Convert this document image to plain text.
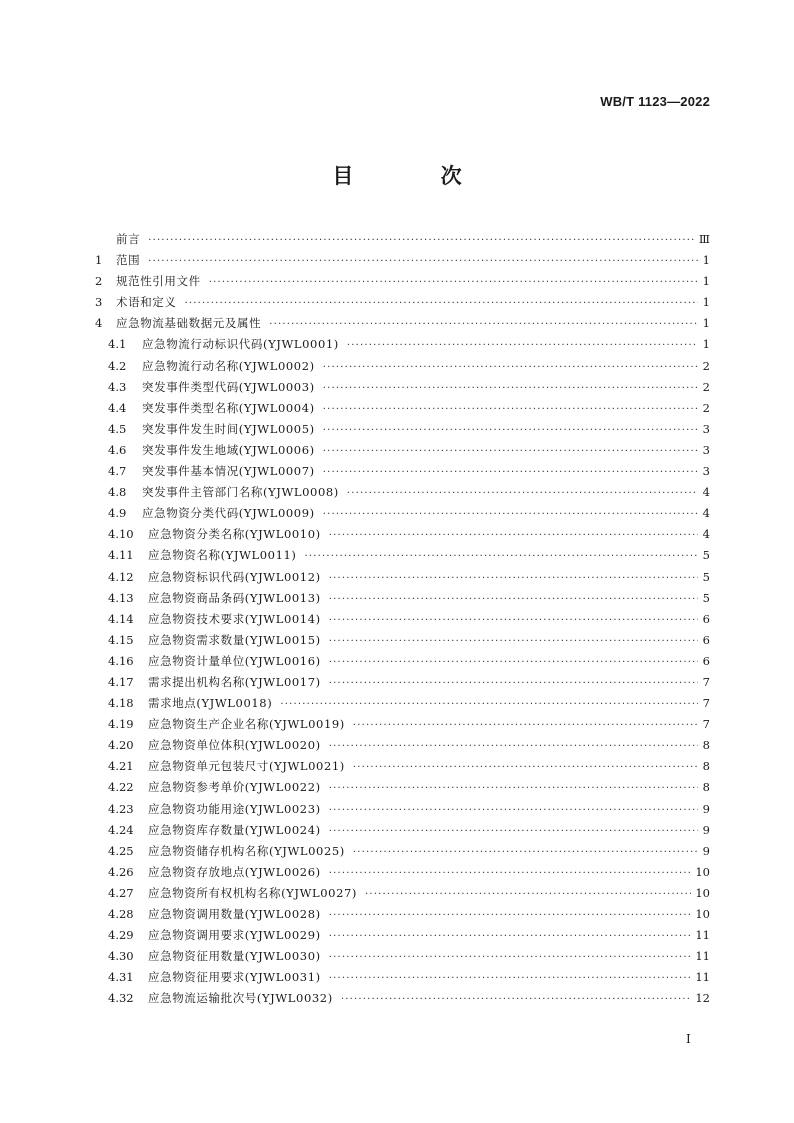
WB/T 1123—2022
目 次
前言 ·····	Ⅲ
1	范围 ·····	1
2	规范性引用文件 ·····	1
3	术语和定义 ·····	1
4	应急物流基础数据元及属性 ·····	1
4.1	应急物流行动标识代码(YJWL0001) ·····	1
4.2	应急物流行动名称(YJWL0002) ·····	2
4.3	突发事件类型代码(YJWL0003) ·····	2
4.4	突发事件类型名称(YJWL0004) ·····	2
4.5	突发事件发生时间(YJWL0005) ·····	3
4.6	突发事件发生地域(YJWL0006) ·····	3
4.7	突发事件基本情况(YJWL0007) ·····	3
4.8	突发事件主管部门名称(YJWL0008) ·····	4
4.9	应急物资分类代码(YJWL0009) ·····	4
4.10	应急物资分类名称(YJWL0010) ·····	4
4.11	应急物资名称(YJWL0011) ·····	5
4.12	应急物资标识代码(YJWL0012) ·····	5
4.13	应急物资商品条码(YJWL0013) ·····	5
4.14	应急物资技术要求(YJWL0014) ·····	6
4.15	应急物资需求数量(YJWL0015) ·····	6
4.16	应急物资计量单位(YJWL0016) ·····	6
4.17	需求提出机构名称(YJWL0017) ·····	7
4.18	需求地点(YJWL0018) ·····	7
4.19	应急物资生产企业名称(YJWL0019) ·····	7
4.20	应急物资单位体积(YJWL0020) ·····	8
4.21	应急物资单元包装尺寸(YJWL0021) ·····	8
4.22	应急物资参考单价(YJWL0022) ·····	8
4.23	应急物资功能用途(YJWL0023) ·····	9
4.24	应急物资库存数量(YJWL0024) ·····	9
4.25	应急物资储存机构名称(YJWL0025) ·····	9
4.26	应急物资存放地点(YJWL0026) ·····	10
4.27	应急物资所有权机构名称(YJWL0027) ·····	10
4.28	应急物资调用数量(YJWL0028) ·····	10
4.29	应急物资调用要求(YJWL0029) ·····	11
4.30	应急物资征用数量(YJWL0030) ·····	11
4.31	应急物资征用要求(YJWL0031) ·····	11
4.32	应急物流运输批次号(YJWL0032) ·····	12
I
